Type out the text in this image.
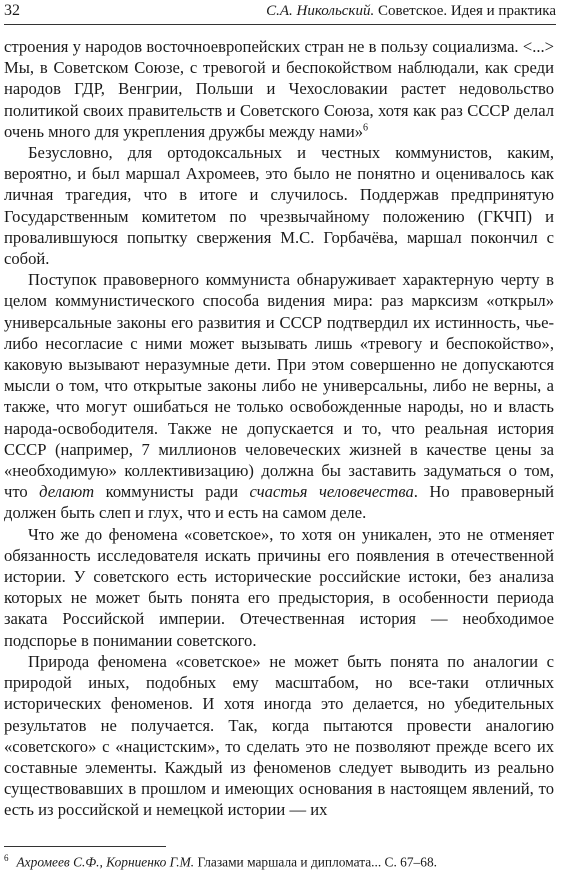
32	С.А. Никольский. Советское. Идея и практика

строения у народов восточноевропейских стран не в пользу социализма. <...> Мы, в Советском Союзе, с тревогой и беспокойством наблюдали, как среди народов ГДР, Венгрии, Польши и Чехословакии растет недовольство политикой своих правительств и Советского Союза, хотя как раз СССР делал очень много для укрепления дружбы между нами»$^6$

Безусловно, для ортодоксальных и честных коммунистов, каким, вероятно, и был маршал Ахромеев, это было не понятно и оценивалось как личная трагедия, что в итоге и случилось. Поддержав предпринятую Государственным комитетом по чрезвычайному положению (ГКЧП) и провалившуюся попытку свержения М.С. Горбачёва, маршал покончил с собой.

Поступок правоверного коммуниста обнаруживает характерную черту в целом коммунистического способа видения мира: раз марксизм «открыл» универсальные законы его развития и СССР подтвердил их истинность, чье-либо несогласие с ними может вызывать лишь «тревогу и беспокойство», каковую вызывают неразумные дети. При этом совершенно не допускаются мысли о том, что открытые законы либо не универсальны, либо не верны, а также, что могут ошибаться не только освобожденные народы, но и власть народа-освободителя. Также не допускается и то, что реальная история СССР (например, 7 миллионов человеческих жизней в качестве цены за «необходимую» коллективизацию) должна бы заставить задуматься о том, что делают коммунисты ради счастья человечества. Но правоверный должен быть слеп и глух, что и есть на самом деле.

Что же до феномена «советское», то хотя он уникален, это не отменяет обязанность исследователя искать причины его появления в отечественной истории. У советского есть исторические российские истоки, без анализа которых не может быть понята его предыстория, в особенности периода заката Российской империи. Отечественная история — необходимое подспорье в понимании советского.

Природа феномена «советское» не может быть понята по аналогии с природой иных, подобных ему масштабом, но все-таки отличных исторических феноменов. И хотя иногда это делается, но убедительных результатов не получается. Так, когда пытаются провести аналогию «советского» с «нацистским», то сделать это не позволяют прежде всего их составные элементы. Каждый из феноменов следует выводить из реально существовавших в прошлом и имеющих основания в настоящем явлений, то есть из российской и немецкой истории — их

$^6$ Ахромеев С.Ф., Корниенко Г.М. Глазами маршала и дипломата... С. 67–68.
